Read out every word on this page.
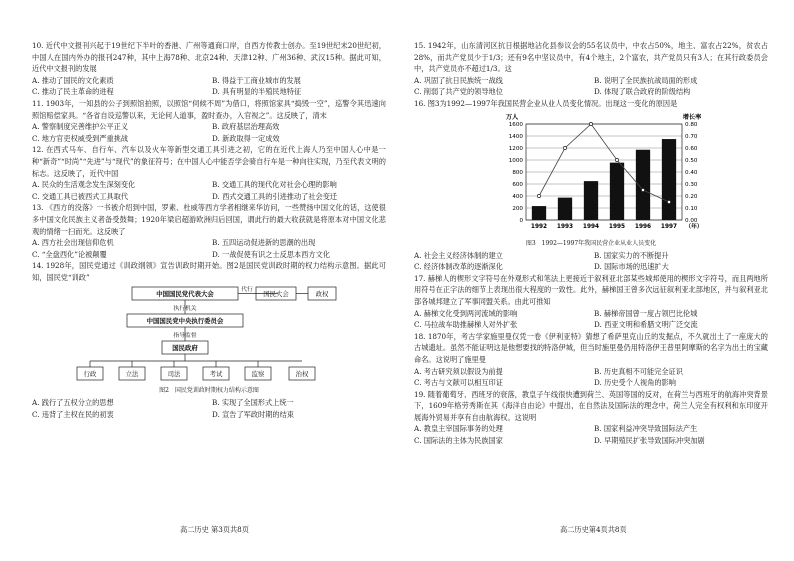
10. 近代中文报刊兴起于19世纪下半叶的香港、广州等通商口岸，自西方传教士创办。至19世纪末20世纪初，中国人在国内外办的报刊247种，其中上海78种、北京24种、天津12种、广州36种、武汉15种。据此可知，近代中文报刊的发展

A. 推动了国民的文化素质	B. 得益于工商业城市的发展
C. 推动了民主革命的进程	D. 具有明显的半殖民地特征

11. 1903年，一知县的公子到照馆拍照，以照馆“伺候不周”为借口，将照馆家具“捣毁一空”，巡警令其迅速向照馆赔偿家具。“各省自设巡警以来，无论何人道事，盈时查办，入官视之”。这反映了，清末

A. 警察制度完善维护公平正义	B. 政府基层治理高效
C. 地方官吏权威受到严重挑战	D. 新政取得一定成效

12. 在西式马车、自行车、汽车以及火车等新型交通工具引进之初，它的在近代上海人乃至中国人心中是一种“新奇”“时尚”“先进”与“现代”的象征符号；在中国人心中能否学会骑自行车是一种向往实现，乃至代表文明的标志。这反映了，近代中国

A. 民众的生活观念发生深刻变化	B. 交通工具的现代化对社会心理的影响
C. 交通工具已被西式工具取代	D. 西式交通工具的引进推动了社会变迁

13. 《西方的没落》一书被介绍到中国，罗素、杜威等西方学者相继来华访问，一些赞扬中国文化的话，这使很多中国文化民族主义者备受鼓舞；1920年梁启超游欧洲归后回国，谓此行的最大收获就是将原本对中国文化悲观的情绪一扫而光。这反映了

A. 西方社会出现信仰危机	B. 五四运动促进新的思潮的出现
C. “全盘西化”论被颠覆	D. 一战促使有识之士反思本西方文化

14. 1928年，国民党通过《训政纲领》宣告训政时期开始。图2是国民党训政时期的权力结构示意图。据此可知，国民党“训政”

中国国民党代表大会	代行 国民大会	政权
执行机关
中国国民党中央执行委员会
指导监督
国民政府
行政	立法	司法	考试	监察	治权
图2　国民党训政时期权力结构示意图
A. 践行了五权分立的思想	B. 实现了全国形式上统一
C. 违背了主权在民的初衷	D. 宣告了军政时期的结束

15. 1942年，山东清河区抗日根据地沾化县参议会的55名议员中，中农占50%，地主、富农占22%，贫农占28%，而共产党员少于1/3；还有9名中坚议员中，有4个地主，2个富农，共产党员只有3人；在其行政委员会中，共产党员亦不超过1/3。这

A. 巩固了抗日民族统一战线	B. 说明了全民族抗战局面的形成
C. 削弱了共产党的领导地位	D. 体现了联合政府的阶级结构

16. 图3为1992—1997年我国民营企业从业人员变化情况。出现这一变化的原因是

万人	增长率
0
200
400
600
800
1000
1200
1400
1600
0.00
0.10
0.20
0.30
0.40
0.50
0.60
0.70
0.80
1992 1993 1994 1995 1996 1997 （年）
图3　1992—1997年我国民营企业从业人员变化
A. 社会主义经济体制的建立	B. 国家实力的不断提升
C. 经济体制改革的逐渐深化	D. 国际市场的迅速扩大

17. 赫梯人的楔形文字符号在外观形式和笔法上更接近于叙利亚北部某些城邦使用的楔形文字符号，而且两地所用符号在正字法的细节上表现出很大程度的一致性。此外，赫梯国王曾多次远征叙利亚北部地区，并与叙利亚北部各城邦建立了军事同盟关系。由此可推知

A. 赫梯文化受到两河流域的影响	B. 赫梯帝国曾一度占领巴比伦城
C. 马拉战车助推赫梯人对外扩张	D. 西亚文明和希腊文明广泛交流

18. 1870年，考古学家施里曼仅凭一卷《伊利亚特》猜想了希萨里克山丘的发掘点，不久就出土了一座庞大的古城遗址。虽然不能证明这是他想要找的特洛伊城，但当时施里曼仍用特洛伊王普里阿摩斯的名字为出土的宝藏命名。这说明了施里曼

A. 考古研究须以假设为前提	B. 历史真相不可能完全证识
C. 考古与文献可以相互印证	D. 历史受个人视角的影响

19. 随着葡萄牙、西班牙的衰落，教皇子午线很快遭到荷兰、英国等国的反对，在荷兰与西班牙的航海冲突背景下，1609年格劳秀斯在其《海洋自由论》中提出，在自然法及国际法的理念中，荷兰人完全有权利和东印度开展海外贸易并享有自由航海权。这说明

A. 教皇主宰国际事务的处理	B. 国家利益冲突导致国际法产生
C. 国际法的主体为民族国家	D. 早期殖民扩张导致国际冲突加剧
高二历史 第3页共8页	高二历史第4页共8页
